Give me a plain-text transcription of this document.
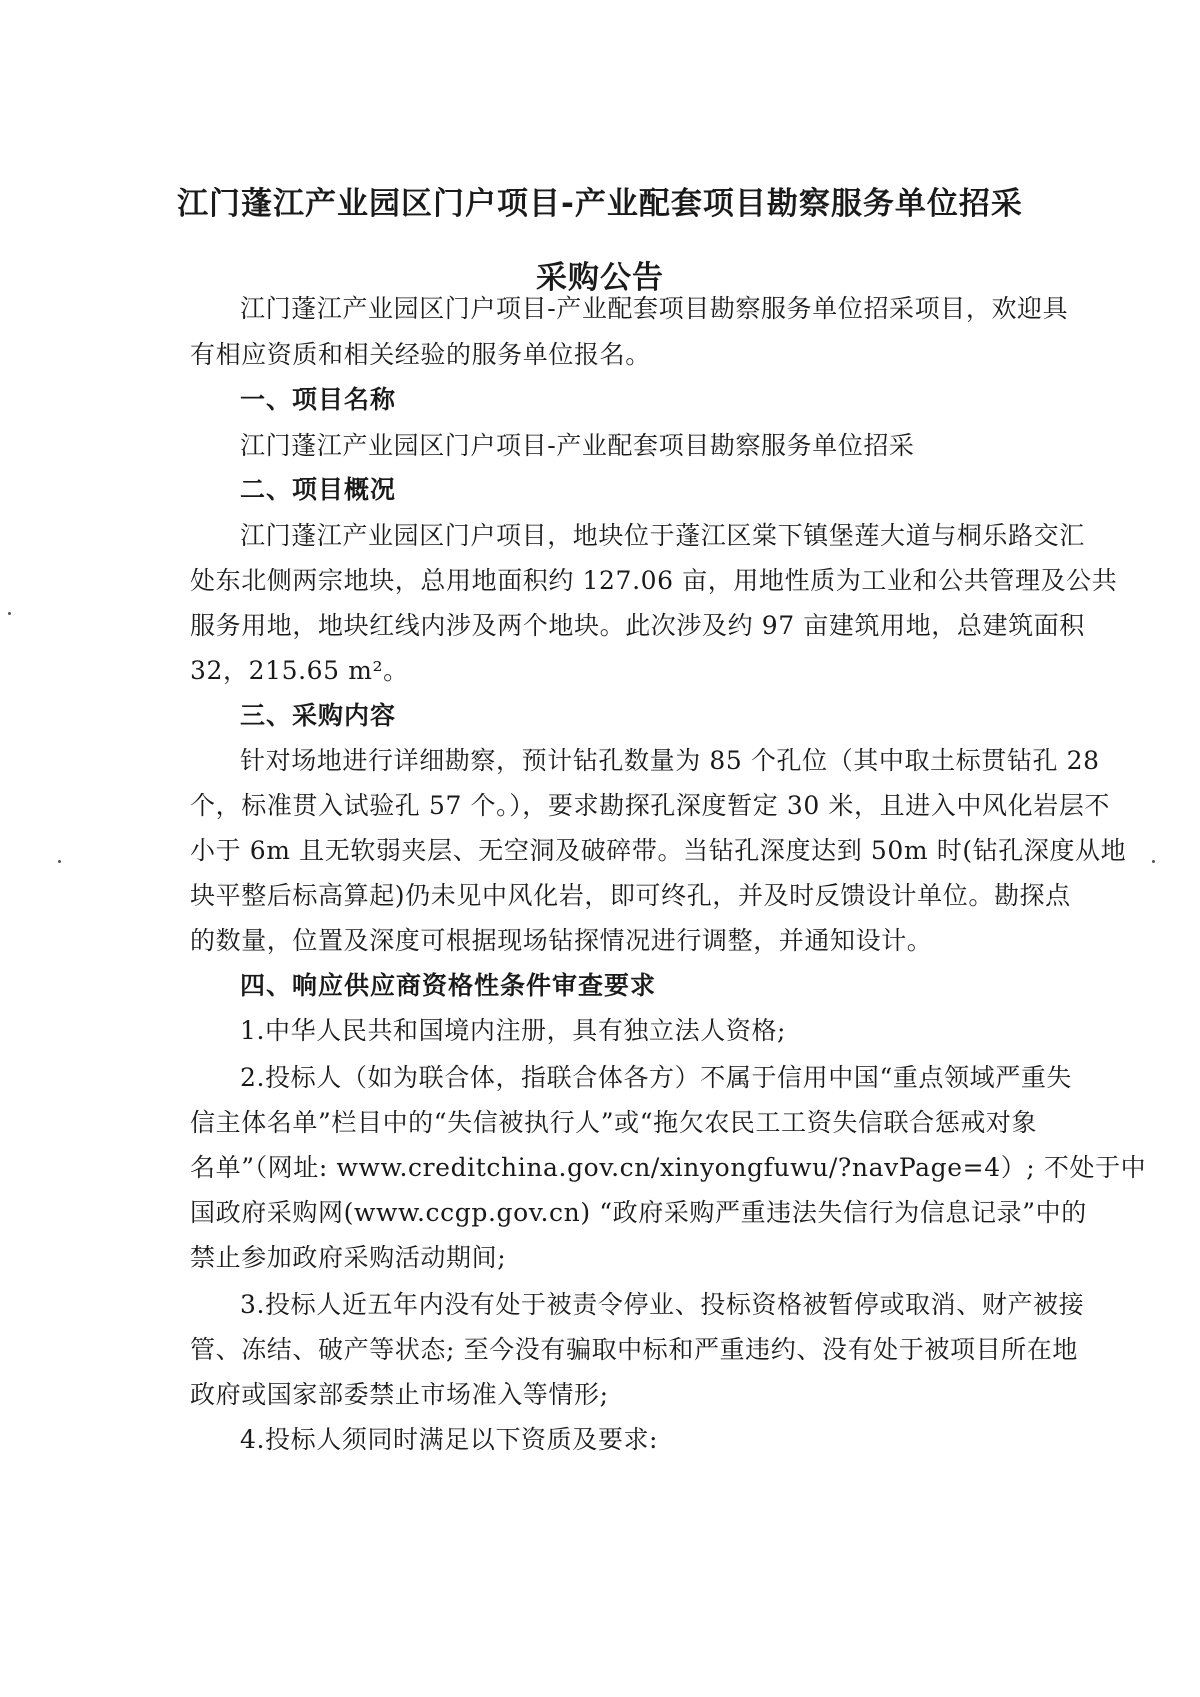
江门蓬江产业园区门户项目-产业配套项目勘察服务单位招采
采购公告
江门蓬江产业园区门户项目-产业配套项目勘察服务单位招采项目，欢迎具
有相应资质和相关经验的服务单位报名。
一、项目名称
江门蓬江产业园区门户项目-产业配套项目勘察服务单位招采
二、项目概况
江门蓬江产业园区门户项目，地块位于蓬江区棠下镇堡莲大道与桐乐路交汇
处东北侧两宗地块，总用地面积约 127.06 亩，用地性质为工业和公共管理及公共
服务用地，地块红线内涉及两个地块。此次涉及约 97 亩建筑用地，总建筑面积
32，215.65 m²。
三、采购内容
针对场地进行详细勘察，预计钻孔数量为 85 个孔位（其中取土标贯钻孔 28
个，标准贯入试验孔 57 个。），要求勘探孔深度暂定 30 米，且进入中风化岩层不
小于 6m 且无软弱夹层、无空洞及破碎带。当钻孔深度达到 50m 时(钻孔深度从地
块平整后标高算起)仍未见中风化岩，即可终孔，并及时反馈设计单位。勘探点
的数量，位置及深度可根据现场钻探情况进行调整，并通知设计。
四、响应供应商资格性条件审查要求
1.中华人民共和国境内注册，具有独立法人资格;
2.投标人（如为联合体，指联合体各方）不属于信用中国“重点领域严重失
信主体名单”栏目中的“失信被执行人”或“拖欠农民工工资失信联合惩戒对象
名单”（网址: www.creditchina.gov.cn/xinyongfuwu/?navPage=4）; 不处于中
国政府采购网(www.ccgp.gov.cn) “政府采购严重违法失信行为信息记录”中的
禁止参加政府采购活动期间;
3.投标人近五年内没有处于被责令停业、投标资格被暂停或取消、财产被接
管、冻结、破产等状态; 至今没有骗取中标和严重违约、没有处于被项目所在地
政府或国家部委禁止市场准入等情形;
4.投标人须同时满足以下资质及要求:
